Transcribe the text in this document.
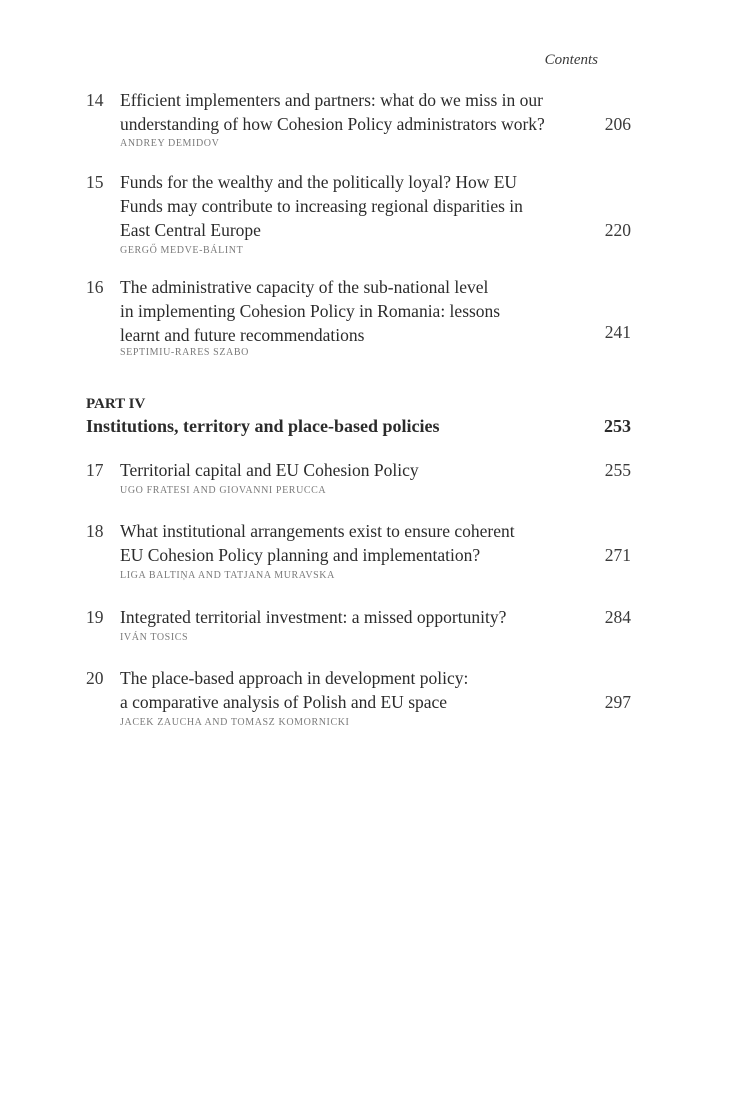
Contents
14 Efficient implementers and partners: what do we miss in our
understanding of how Cohesion Policy administrators work?	206
ANDREY DEMIDOV
15 Funds for the wealthy and the politically loyal? How EU
Funds may contribute to increasing regional disparities in
East Central Europe	220
GERGŐ MEDVE-BÁLINT
16 The administrative capacity of the sub-national level
in implementing Cohesion Policy in Romania: lessons
learnt and future recommendations	241
SEPTIMIU-RARES SZABO
PART IV
Institutions, territory and place-based policies	253
17 Territorial capital and EU Cohesion Policy	255
UGO FRATESI AND GIOVANNI PERUCCA
18 What institutional arrangements exist to ensure coherent
EU Cohesion Policy planning and implementation?	271
LIGA BALTIŅA AND TATJANA MURAVSKA
19 Integrated territorial investment: a missed opportunity?	284
IVÁN TOSICS
20 The place-based approach in development policy:
a comparative analysis of Polish and EU space	297
JACEK ZAUCHA AND TOMASZ KOMORNICKI
